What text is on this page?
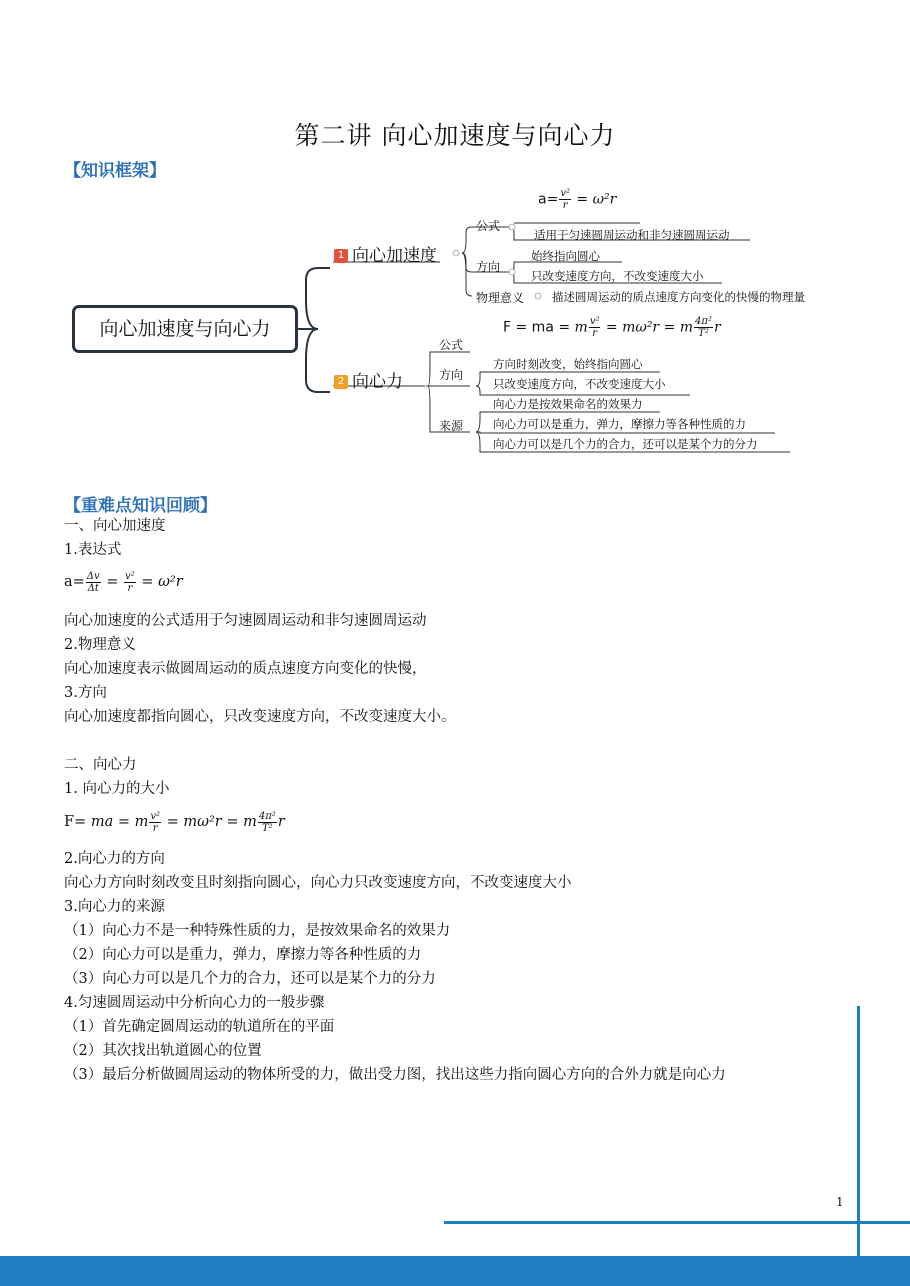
第二讲 向心加速度与向心力
【知识框架】
向心加速度与向心力
1 向心加速度
公式
$a= \frac{\text{v²}}{r} = \omega^2r$
适用于匀速圆周运动和非匀速圆周运动
方向
始终指向圆心
只改变速度方向，不改变速度大小
物理意义 描述圆周运动的质点速度方向变化的快慢的物理量
2 向心力
公式
F = ma = m $\frac{\text{v²}}{r} = m\omega^2r = m \frac{\text{4π²}}{\text{T²}}$ r
方向
方向时刻改变，始终指向圆心
只改变速度方向，不改变速度大小
来源
向心力是按效果命名的效果力
向心力可以是重力，弹力，摩擦力等各种性质的力
向心力可以是几个力的合力，还可以是某个力的分力
【重难点知识回顾】
一、向心加速度
1.表达式
$a= \frac{\Delta v}{\Delta t} = \frac{\text{v²}}{r} = \omega^2r$
向心加速度的公式适用于匀速圆周运动和非匀速圆周运动
2.物理意义
向心加速度表示做圆周运动的质点速度方向变化的快慢，
3.方向
向心加速度都指向圆心，只改变速度方向，不改变速度大小。
二、向心力
1. 向心力的大小
F= ma = m $\frac{\text{v²}}{r} = m\omega^2r = m \frac{\text{4π²}}{\text{T²}}$ r
2.向心力的方向
向心力方向时刻改变且时刻指向圆心，向心力只改变速度方向，不改变速度大小
3.向心力的来源
（1）向心力不是一种特殊性质的力，是按效果命名的效果力
（2）向心力可以是重力，弹力，摩擦力等各种性质的力
（3）向心力可以是几个力的合力，还可以是某个力的分力
4.匀速圆周运动中分析向心力的一般步骤
（1）首先确定圆周运动的轨道所在的平面
（2）其次找出轨道圆心的位置
（3）最后分析做圆周运动的物体所受的力，做出受力图，找出这些力指向圆心方向的合外力就是向心力
1
